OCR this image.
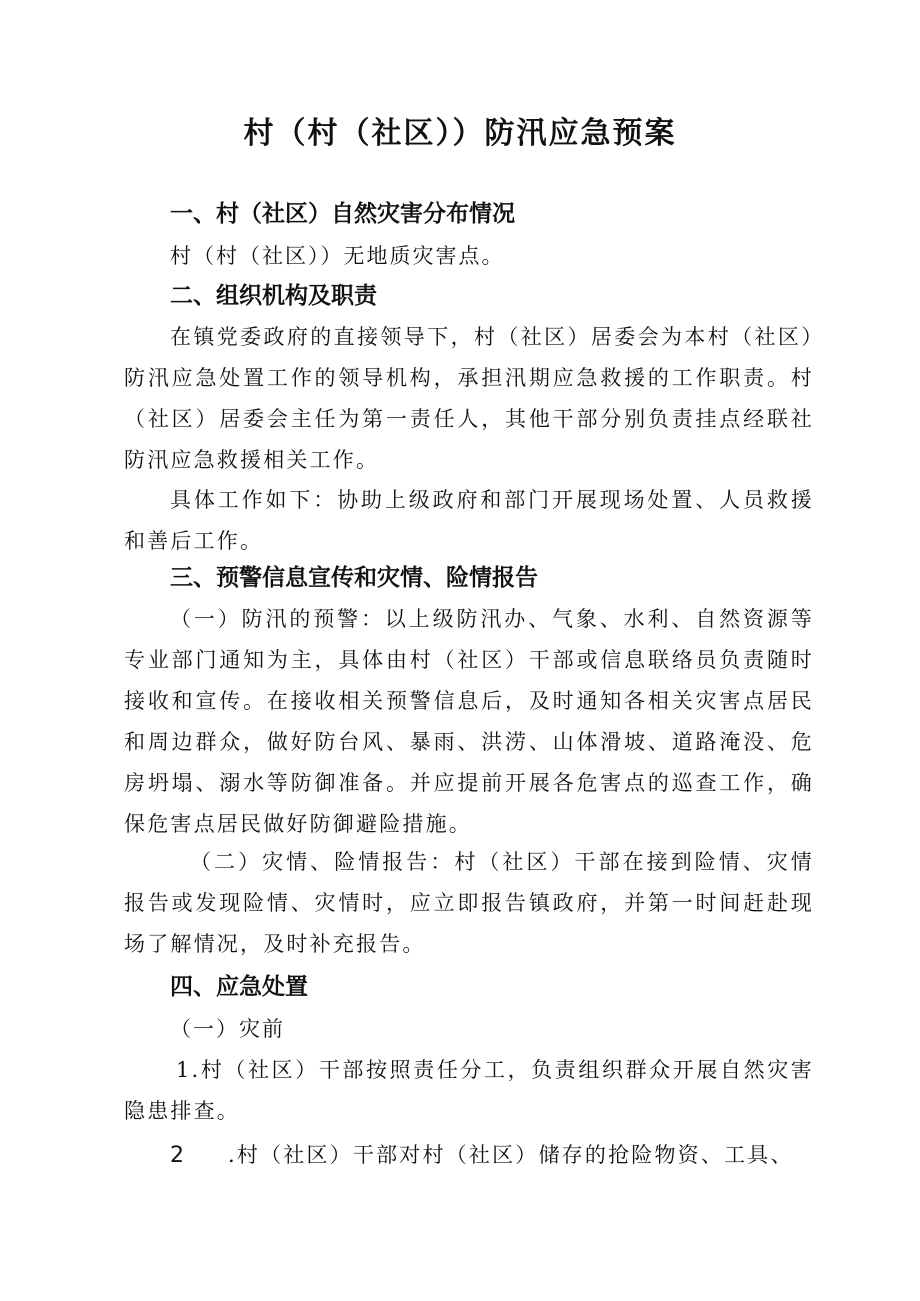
村（村（社区））防汛应急预案
一、村（社区）自然灾害分布情况
村（村（社区））无地质灾害点。
二、组织机构及职责

在镇党委政府的直接领导下，村（社区）居委会为本村（社区）防汛应急处置工作的领导机构，承担汛期应急救援的工作职责。村（社区）居委会主任为第一责任人，其他干部分别负责挂点经联社防汛应急救援相关工作。

具体工作如下：协助上级政府和部门开展现场处置、人员救援和善后工作。

三、预警信息宣传和灾情、险情报告

（一）防汛的预警：以上级防汛办、气象、水利、自然资源等专业部门通知为主，具体由村（社区）干部或信息联络员负责随时接收和宣传。在接收相关预警信息后，及时通知各相关灾害点居民和周边群众，做好防台风、暴雨、洪涝、山体滑坡、道路淹没、危房坍塌、溺水等防御准备。并应提前开展各危害点的巡查工作，确保危害点居民做好防御避险措施。

（二）灾情、险情报告：村（社区）干部在接到险情、灾情报告或发现险情、灾情时，应立即报告镇政府，并第一时间赶赴现场了解情况，及时补充报告。

四、应急处置
（一）灾前

1.村（社区）干部按照责任分工，负责组织群众开展自然灾害隐患排查。

2 .村（社区）干部对村（社区）储存的抢险物资、工具、
